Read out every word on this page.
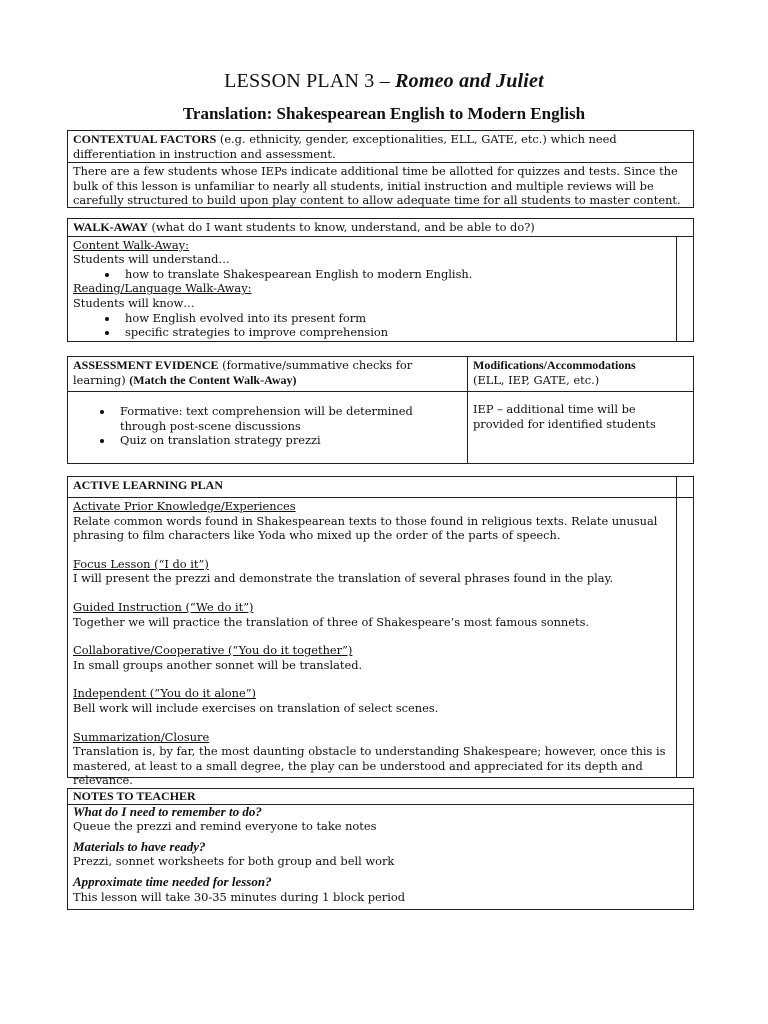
LESSON PLAN 3 – Romeo and Juliet
Translation: Shakespearean English to Modern English
CONTEXTUAL FACTORS (e.g. ethnicity, gender, exceptionalities, ELL, GATE, etc.) which need differentiation in instruction and assessment.
There are a few students whose IEPs indicate additional time be allotted for quizzes and tests. Since the bulk of this lesson is unfamiliar to nearly all students, initial instruction and multiple reviews will be carefully structured to build upon play content to allow adequate time for all students to master content.
WALK-AWAY (what do I want students to know, understand, and be able to do?)
Content Walk-Away:
Students will understand…
• how to translate Shakespearean English to modern English.
Reading/Language Walk-Away:
Students will know…
• how English evolved into its present form
• specific strategies to improve comprehension
ASSESSMENT EVIDENCE (formative/summative checks for learning) (Match the Content Walk-Away)
Modifications/Accommodations
(ELL, IEP, GATE, etc.)
• Formative: text comprehension will be determined through post-scene discussions
• Quiz on translation strategy prezzi
IEP – additional time will be provided for identified students
ACTIVE LEARNING PLAN
Activate Prior Knowledge/Experiences
Relate common words found in Shakespearean texts to those found in religious texts. Relate unusual phrasing to film characters like Yoda who mixed up the order of the parts of speech.
Focus Lesson (“I do it”)
I will present the prezzi and demonstrate the translation of several phrases found in the play.
Guided Instruction (“We do it”)
Together we will practice the translation of three of Shakespeare’s most famous sonnets.
Collaborative/Cooperative (“You do it together”)
In small groups another sonnet will be translated.
Independent (“You do it alone”)
Bell work will include exercises on translation of select scenes.
Summarization/Closure
Translation is, by far, the most daunting obstacle to understanding Shakespeare; however, once this is mastered, at least to a small degree, the play can be understood and appreciated for its depth and relevance.
NOTES TO TEACHER
What do I need to remember to do?
Queue the prezzi and remind everyone to take notes
Materials to have ready?
Prezzi, sonnet worksheets for both group and bell work
Approximate time needed for lesson?
This lesson will take 30-35 minutes during 1 block period
